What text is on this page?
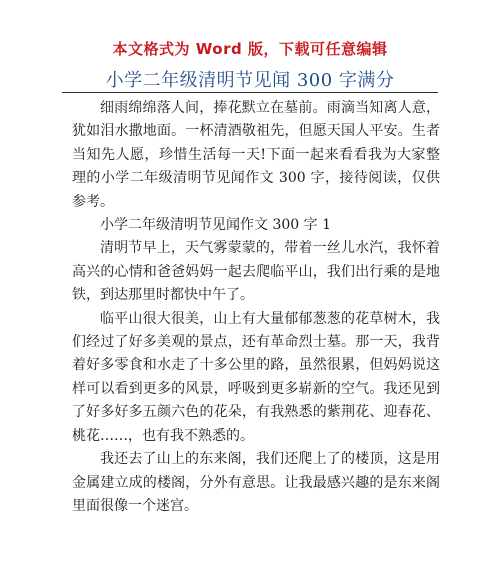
本文格式为 Word 版，下载可任意编辑
小学二年级清明节见闻 300 字满分

细雨绵绵落人间，捧花默立在墓前。雨滴当知离人意，犹如泪水撒地面。一杯清酒敬祖先，但愿天国人平安。生者当知先人愿，珍惜生活每一天!下面一起来看看我为大家整理的小学二年级清明节见闻作文 300 字，接待阅读，仅供参考。

小学二年级清明节见闻作文 300 字 1

清明节早上，天气雾蒙蒙的，带着一丝儿水汽，我怀着高兴的心情和爸爸妈妈一起去爬临平山，我们出行乘的是地铁，到达那里时都快中午了。

临平山很大很美，山上有大量郁郁葱葱的花草树木，我们经过了好多美观的景点，还有革命烈士墓。那一天，我背着好多零食和水走了十多公里的路，虽然很累，但妈妈说这样可以看到更多的风景，呼吸到更多崭新的空气。我还见到了好多好多五颜六色的花朵，有我熟悉的紫荆花、迎春花、桃花……，也有我不熟悉的。

我还去了山上的东来阁，我们还爬上了的楼顶，这是用金属建立成的楼阁，分外有意思。让我最感兴趣的是东来阁里面很像一个迷宫。
